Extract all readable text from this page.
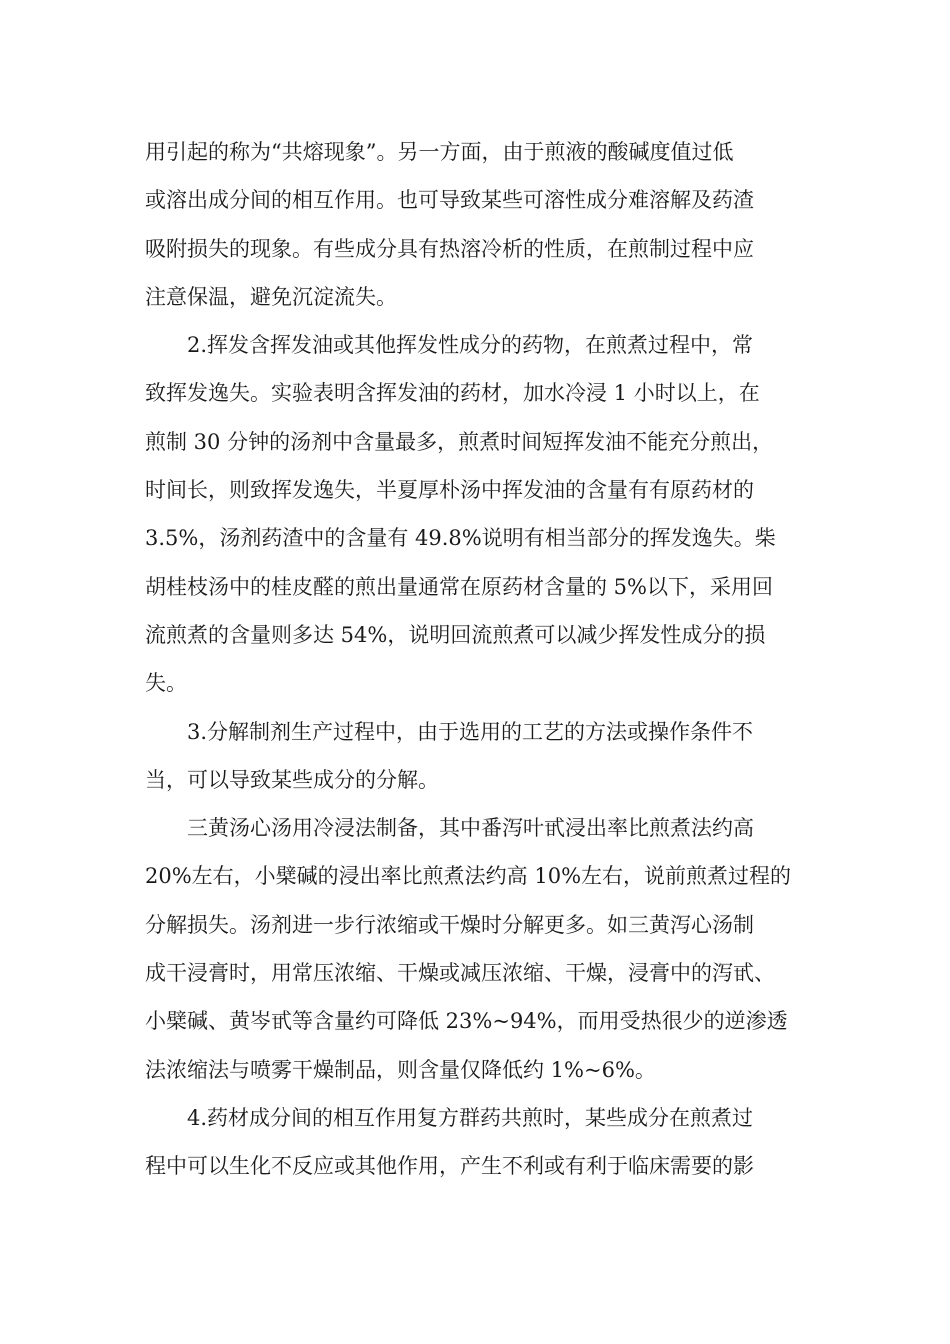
用引起的称为“共熔现象”。另一方面，由于煎液的酸碱度值过低
或溶出成分间的相互作用。也可导致某些可溶性成分难溶解及药渣
吸附损失的现象。有些成分具有热溶冷析的性质，在煎制过程中应
注意保温，避免沉淀流失。

2.挥发含挥发油或其他挥发性成分的药物，在煎煮过程中，常
致挥发逸失。实验表明含挥发油的药材，加水冷浸 1 小时以上，在
煎制 30 分钟的汤剂中含量最多，煎煮时间短挥发油不能充分煎出，
时间长，则致挥发逸失，半夏厚朴汤中挥发油的含量有有原药材的
3.5%，汤剂药渣中的含量有 49.8%说明有相当部分的挥发逸失。柴
胡桂枝汤中的桂皮醛的煎出量通常在原药材含量的 5%以下，采用回
流煎煮的含量则多达 54%，说明回流煎煮可以减少挥发性成分的损
失。

3.分解制剂生产过程中，由于选用的工艺的方法或操作条件不
当，可以导致某些成分的分解。

三黄汤心汤用冷浸法制备，其中番泻叶甙浸出率比煎煮法约高
20%左右，小檗碱的浸出率比煎煮法约高 10%左右，说前煎煮过程的
分解损失。汤剂进一步行浓缩或干燥时分解更多。如三黄泻心汤制
成干浸膏时，用常压浓缩、干燥或减压浓缩、干燥，浸膏中的泻甙、
小檗碱、黄岑甙等含量约可降低 23%~94%，而用受热很少的逆渗透
法浓缩法与喷雾干燥制品，则含量仅降低约 1%~6%。

4.药材成分间的相互作用复方群药共煎时，某些成分在煎煮过
程中可以生化不反应或其他作用，产生不利或有利于临床需要的影
